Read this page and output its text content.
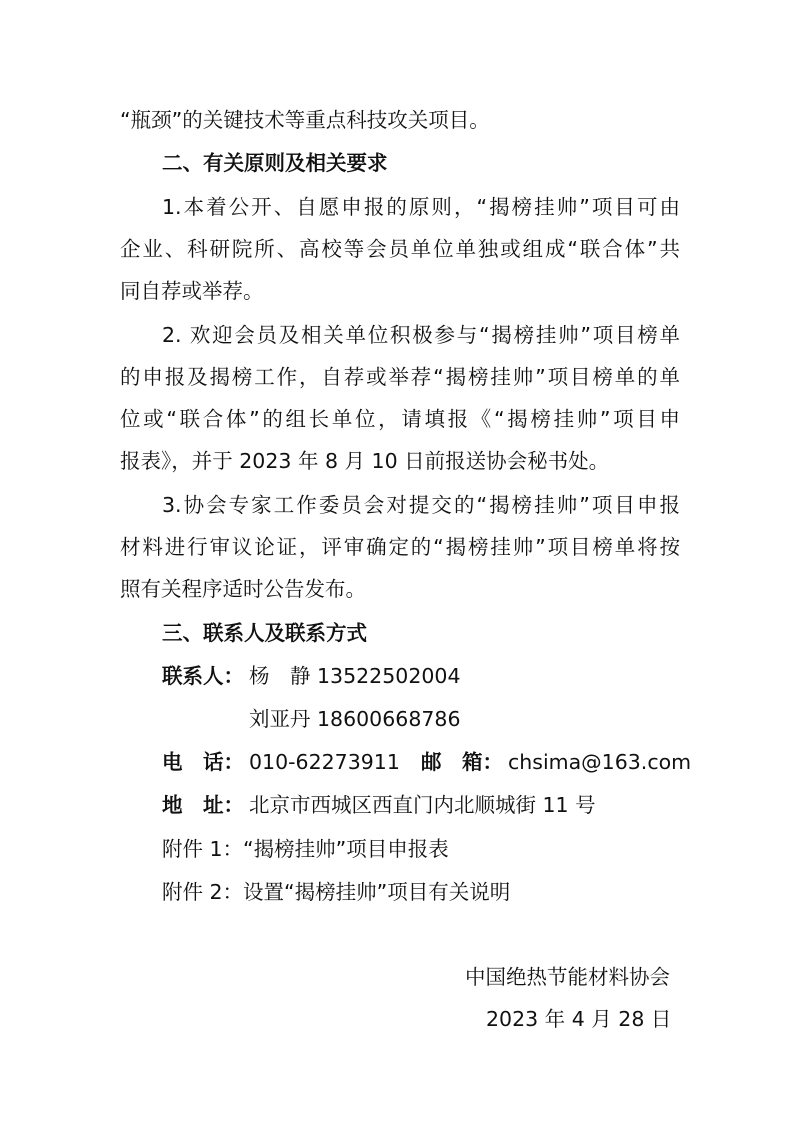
“瓶颈”的关键技术等重点科技攻关项目。
二、有关原则及相关要求
1.本着公开、自愿申报的原则，“揭榜挂帅”项目可由
企业、科研院所、高校等会员单位单独或组成“联合体”共
同自荐或举荐。
2. 欢迎会员及相关单位积极参与“揭榜挂帅”项目榜单
的申报及揭榜工作，自荐或举荐“揭榜挂帅”项目榜单的单
位或“联合体”的组长单位，请填报《“揭榜挂帅”项目申
报表》，并于 2023 年 8 月 10 日前报送协会秘书处。
3.协会专家工作委员会对提交的“揭榜挂帅”项目申报
材料进行审议论证，评审确定的“揭榜挂帅”项目榜单将按
照有关程序适时公告发布。
三、联系人及联系方式
联系人： 杨　静 13522502004
刘亚丹 18600668786
电　话： 010-62273911 邮　箱： chsima@163.com
地　址： 北京市西城区西直门内北顺城街 11 号
附件 1：“揭榜挂帅”项目申报表
附件 2：设置“揭榜挂帅”项目有关说明
中国绝热节能材料协会
2023 年 4 月 28 日
